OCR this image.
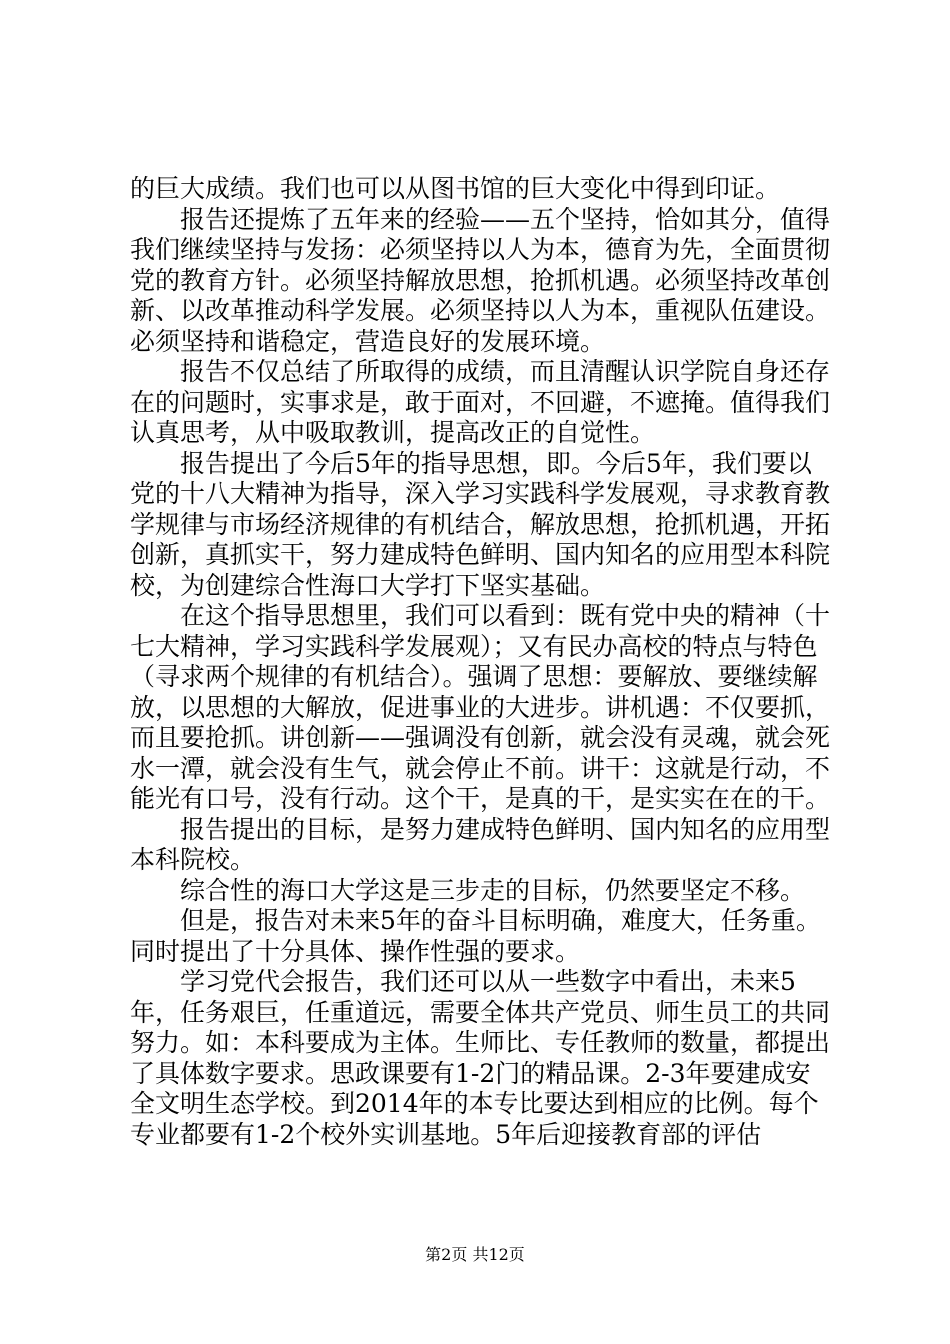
的巨大成绩。我们也可以从图书馆的巨大变化中得到印证。

报告还提炼了五年来的经验——五个坚持，恰如其分，值得我们继续坚持与发扬：必须坚持以人为本，德育为先，全面贯彻党的教育方针。必须坚持解放思想，抢抓机遇。必须坚持改革创新、以改革推动科学发展。必须坚持以人为本，重视队伍建设。必须坚持和谐稳定，营造良好的发展环境。

报告不仅总结了所取得的成绩，而且清醒认识学院自身还存在的问题时，实事求是，敢于面对，不回避，不遮掩。值得我们认真思考，从中吸取教训，提高改正的自觉性。

报告提出了今后5年的指导思想，即。今后5年，我们要以党的十八大精神为指导，深入学习实践科学发展观，寻求教育教学规律与市场经济规律的有机结合，解放思想，抢抓机遇，开拓创新，真抓实干，努力建成特色鲜明、国内知名的应用型本科院校，为创建综合性海口大学打下坚实基础。

在这个指导思想里，我们可以看到：既有党中央的精神（十七大精神，学习实践科学发展观）；又有民办高校的特点与特色（寻求两个规律的有机结合）。强调了思想：要解放、要继续解放，以思想的大解放，促进事业的大进步。讲机遇：不仅要抓，而且要抢抓。讲创新——强调没有创新，就会没有灵魂，就会死水一潭，就会没有生气，就会停止不前。讲干：这就是行动，不能光有口号，没有行动。这个干，是真的干，是实实在在的干。

报告提出的目标，是努力建成特色鲜明、国内知名的应用型本科院校。

综合性的海口大学这是三步走的目标，仍然要坚定不移。

但是，报告对未来5年的奋斗目标明确，难度大，任务重。同时提出了十分具体、操作性强的要求。

学习党代会报告，我们还可以从一些数字中看出，未来5年，任务艰巨，任重道远，需要全体共产党员、师生员工的共同努力。如：本科要成为主体。生师比、专任教师的数量，都提出了具体数字要求。思政课要有1-2门的精品课。2-3年要建成安全文明生态学校。到2014年的本专比要达到相应的比例。每个专业都要有1-2个校外实训基地。5年后迎接教育部的评估

第2页 共12页
